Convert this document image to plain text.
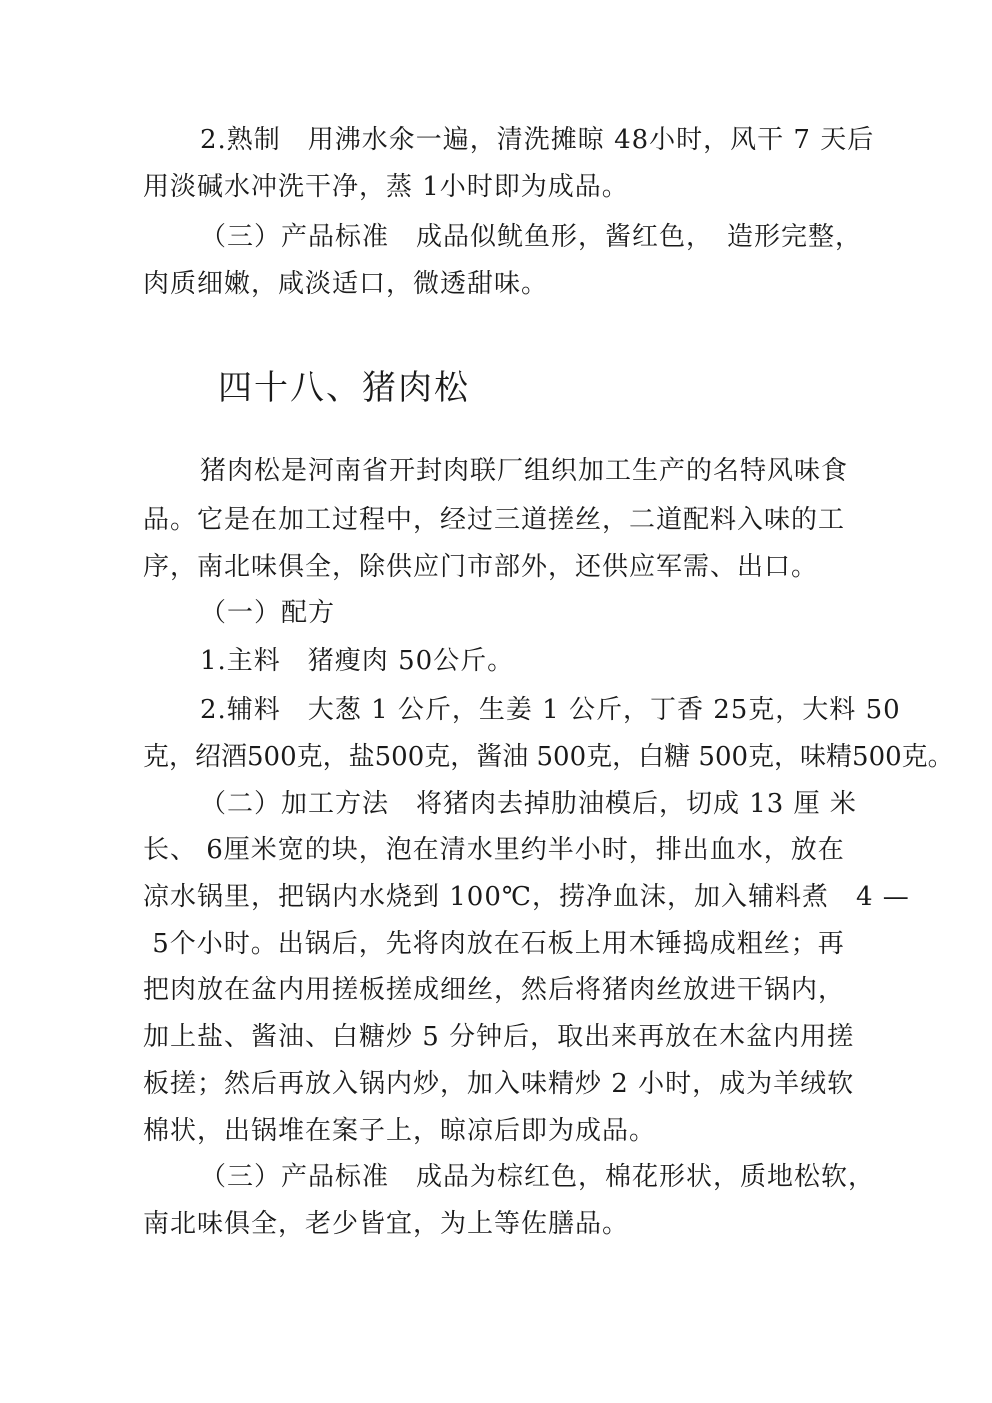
2.熟制　用沸水氽一遍，清洗摊晾 48小时，风干 7 天后
用淡碱水冲洗干净，蒸 1小时即为成品。
（三）产品标准　成品似鱿鱼形，酱红色，　造形完整，
肉质细嫩，咸淡适口，微透甜味。
四十八、猪肉松
猪肉松是河南省开封肉联厂组织加工生产的名特风味食
品。它是在加工过程中，经过三道搓丝，二道配料入味的工
序，南北味俱全，除供应门市部外，还供应军需、出口。
（一）配方
1.主料　猪瘦肉 50公斤。
2.辅料　大葱 1 公斤，生姜 1 公斤，丁香 25克，大料 50
克，绍酒500克，盐500克，酱油 500克，白糖 500克，味精500克。
（二）加工方法　将猪肉去掉肋油模后，切成 13 厘 米
长、 6厘米宽的块，泡在清水里约半小时，排出血水，放在
凉水锅里，把锅内水烧到 100℃，捞净血沫，加入辅料煮　4 —
5个小时。出锅后，先将肉放在石板上用木锤捣成粗丝；再
把肉放在盆内用搓板搓成细丝，然后将猪肉丝放进干锅内，
加上盐、酱油、白糖炒 5 分钟后，取出来再放在木盆内用搓
板搓；然后再放入锅内炒，加入味精炒 2 小时，成为羊绒软
棉状，出锅堆在案子上，晾凉后即为成品。
（三）产品标准　成品为棕红色，棉花形状，质地松软，
南北味俱全，老少皆宜，为上等佐膳品。
